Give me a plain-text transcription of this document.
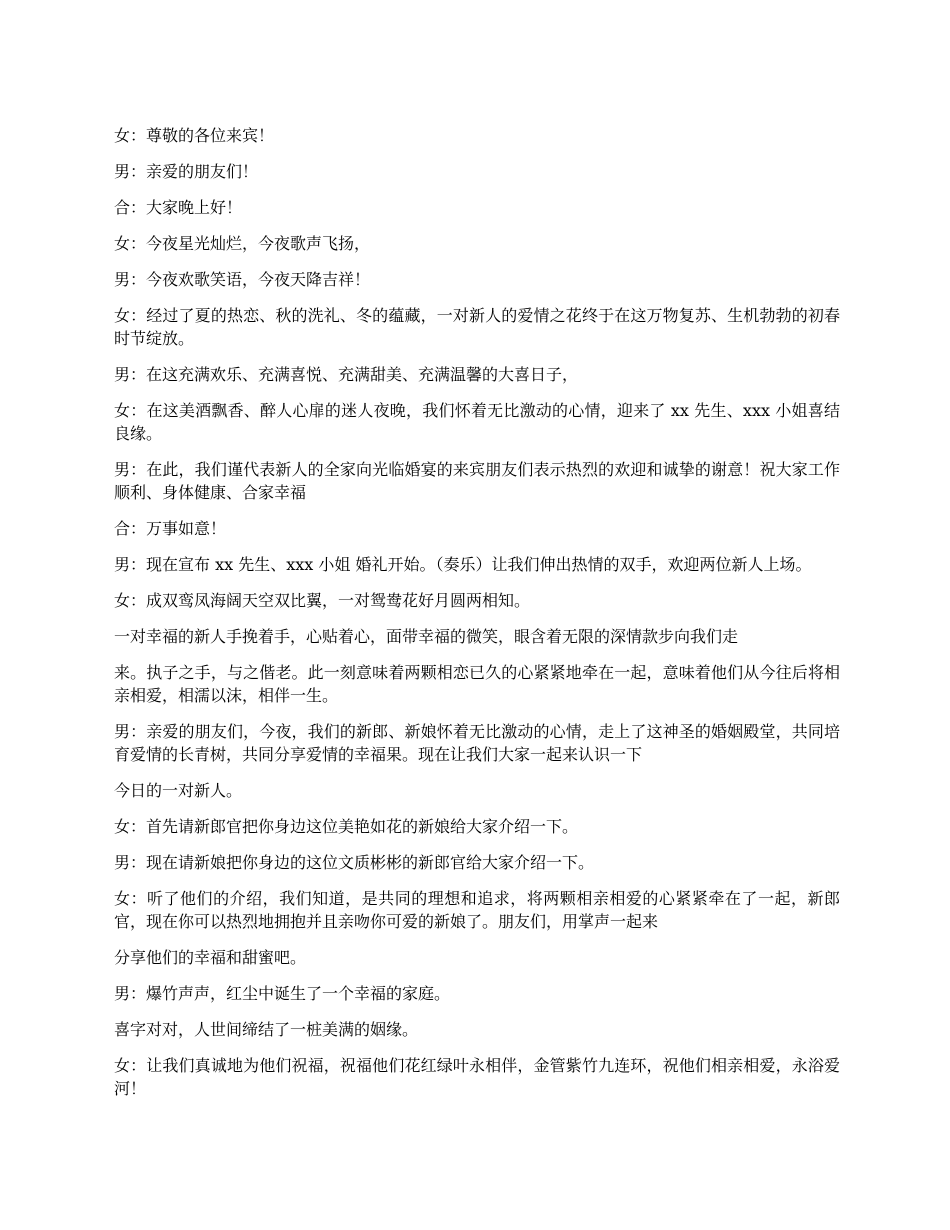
女：尊敬的各位来宾！

男：亲爱的朋友们！

合：大家晚上好！

女：今夜星光灿烂，今夜歌声飞扬，

男：今夜欢歌笑语，今夜天降吉祥！

女：经过了夏的热恋、秋的洗礼、冬的蕴藏，一对新人的爱情之花终于在这万物复苏、生机勃勃的初春时节绽放。

男：在这充满欢乐、充满喜悦、充满甜美、充满温馨的大喜日子，

女：在这美酒飘香、醉人心扉的迷人夜晚，我们怀着无比激动的心情，迎来了 xx 先生、xxx 小姐喜结良缘。

男：在此，我们谨代表新人的全家向光临婚宴的来宾朋友们表示热烈的欢迎和诚挚的谢意！祝大家工作顺利、身体健康、合家幸福

合：万事如意！

男：现在宣布 xx 先生、xxx 小姐 婚礼开始。（奏乐）让我们伸出热情的双手，欢迎两位新人上场。

女：成双鸾凤海阔天空双比翼，一对鸳鸯花好月圆两相知。

一对幸福的新人手挽着手，心贴着心，面带幸福的微笑，眼含着无限的深情款步向我们走

来。执子之手，与之偕老。此一刻意味着两颗相恋已久的心紧紧地牵在一起，意味着他们从今往后将相亲相爱，相濡以沫，相伴一生。

男：亲爱的朋友们，今夜，我们的新郎、新娘怀着无比激动的心情，走上了这神圣的婚姻殿堂，共同培育爱情的长青树，共同分享爱情的幸福果。现在让我们大家一起来认识一下

今日的一对新人。

女：首先请新郎官把你身边这位美艳如花的新娘给大家介绍一下。

男：现在请新娘把你身边的这位文质彬彬的新郎官给大家介绍一下。

女：听了他们的介绍，我们知道，是共同的理想和追求，将两颗相亲相爱的心紧紧牵在了一起，新郎官，现在你可以热烈地拥抱并且亲吻你可爱的新娘了。朋友们，用掌声一起来

分享他们的幸福和甜蜜吧。

男：爆竹声声，红尘中诞生了一个幸福的家庭。

喜字对对，人世间缔结了一桩美满的姻缘。

女：让我们真诚地为他们祝福，祝福他们花红绿叶永相伴，金管紫竹九连环，祝他们相亲相爱，永浴爱河！
